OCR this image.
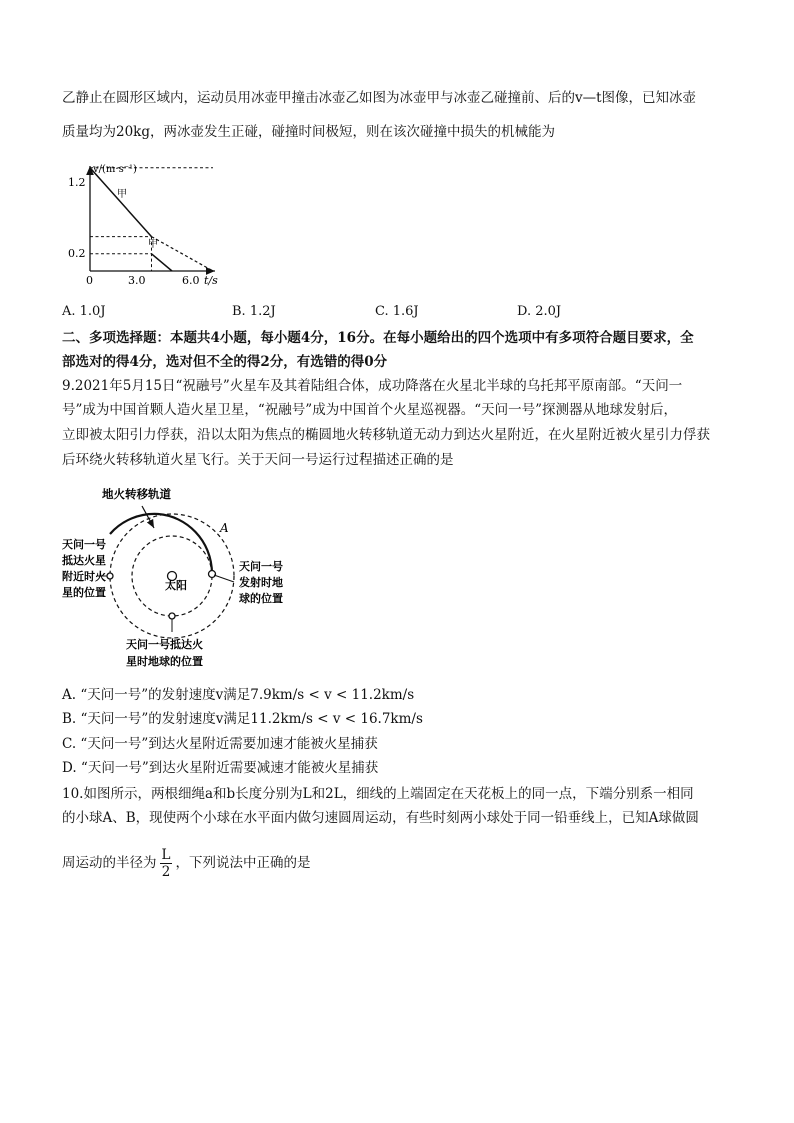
乙静止在圆形区域内，运动员用冰壶甲撞击冰壶乙如图为冰壶甲与冰壶乙碰撞前、后的v—t图像，已知冰壶
质量均为20kg，两冰壶发生正碰，碰撞时间极短，则在该次碰撞中损失的机械能为
v/(m·s⁻¹)
t/s
1.2
0.2
0	3.0	6.0
甲
甲
A. 1.0J	B. 1.2J	C. 1.6J	D. 2.0J
二、多项选择题：本题共4小题，每小题4分，16分。在每小题给出的四个选项中有多项符合题目要求，全
部选对的得4分，选对但不全的得2分，有选错的得0分
9.2021年5月15日“祝融号”火星车及其着陆组合体，成功降落在火星北半球的乌托邦平原南部。“天问一
号”成为中国首颗人造火星卫星，“祝融号”成为中国首个火星巡视器。“天问一号”探测器从地球发射后，
立即被太阳引力俘获，沿以太阳为焦点的椭圆地火转移轨道无动力到达火星附近，在火星附近被火星引力俘获
后环绕火转移轨道火星飞行。关于天问一号运行过程描述正确的是
太阳
地火转移轨道
A
天问一号
抵达火星
附近时火
星的位置
天问一号
发射时地
球的位置
天问一号抵达火
星时地球的位置
A. “天问一号”的发射速度v满足7.9km/s < v < 11.2km/s
B. “天问一号”的发射速度v满足11.2km/s < v < 16.7km/s
C. “天问一号”到达火星附近需要加速才能被火星捕获
D. “天问一号”到达火星附近需要减速才能被火星捕获
10.如图所示，两根细绳a和b长度分别为L和2L，细线的上端固定在天花板上的同一点，下端分别系一相同
的小球A、B，现使两个小球在水平面内做匀速圆周运动，有些时刻两小球处于同一铅垂线上，已知A球做圆
周运动的半径为 $\frac{L}{2}$ ，下列说法中正确的是
